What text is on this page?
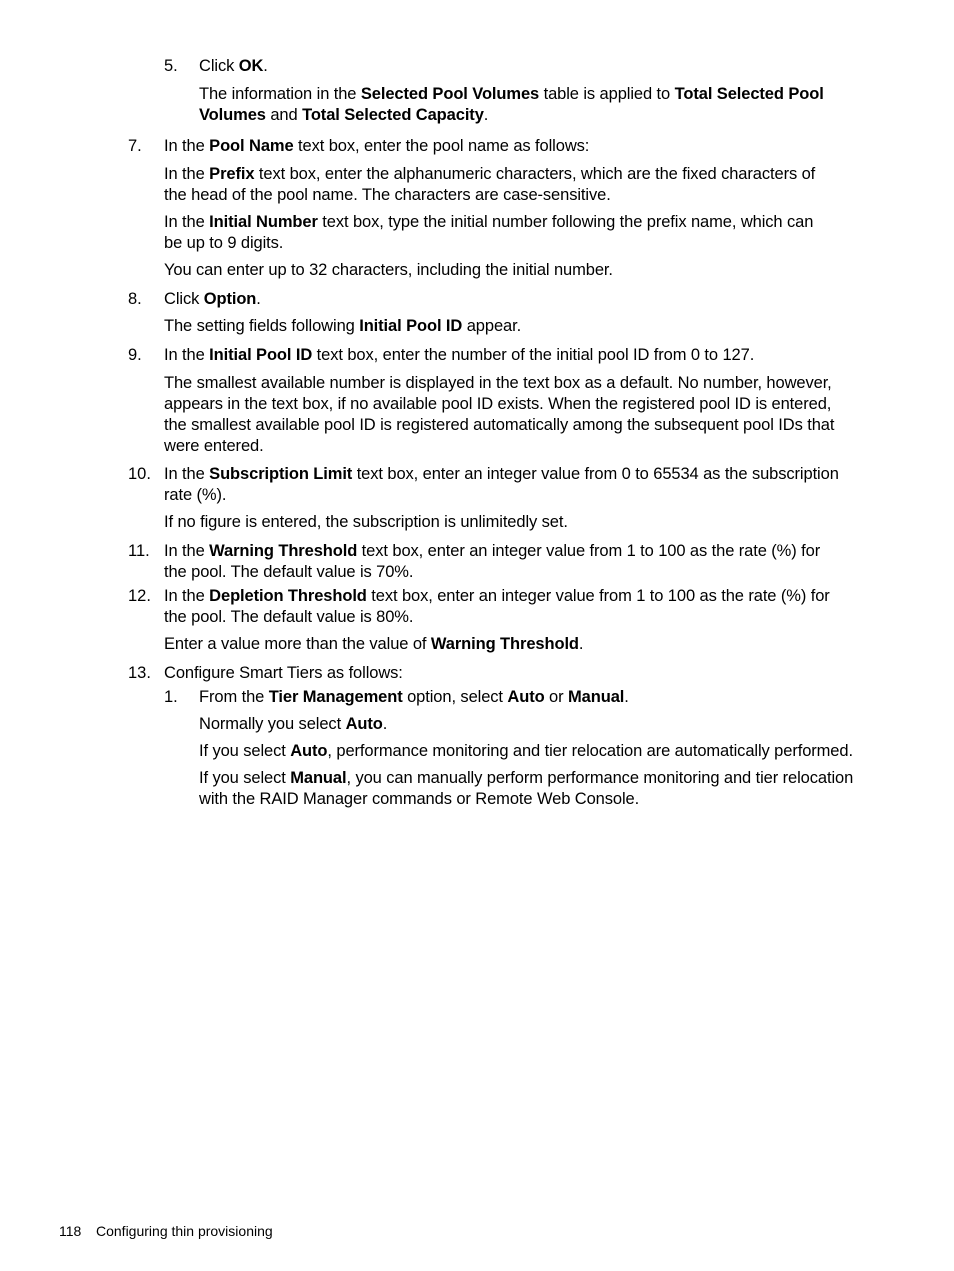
5. Click OK.
The information in the Selected Pool Volumes table is applied to Total Selected Pool
Volumes and Total Selected Capacity.
7. In the Pool Name text box, enter the pool name as follows:
In the Prefix text box, enter the alphanumeric characters, which are the fixed characters of
the head of the pool name. The characters are case-sensitive.
In the Initial Number text box, type the initial number following the prefix name, which can
be up to 9 digits.
You can enter up to 32 characters, including the initial number.
8. Click Option.
The setting fields following Initial Pool ID appear.
9. In the Initial Pool ID text box, enter the number of the initial pool ID from 0 to 127.
The smallest available number is displayed in the text box as a default. No number, however,
appears in the text box, if no available pool ID exists. When the registered pool ID is entered,
the smallest available pool ID is registered automatically among the subsequent pool IDs that
were entered.
10. In the Subscription Limit text box, enter an integer value from 0 to 65534 as the subscription
rate (%).
If no figure is entered, the subscription is unlimitedly set.
11. In the Warning Threshold text box, enter an integer value from 1 to 100 as the rate (%) for
the pool. The default value is 70%.
12. In the Depletion Threshold text box, enter an integer value from 1 to 100 as the rate (%) for
the pool. The default value is 80%.
Enter a value more than the value of Warning Threshold.
13. Configure Smart Tiers as follows:
1. From the Tier Management option, select Auto or Manual.
Normally you select Auto.
If you select Auto, performance monitoring and tier relocation are automatically performed.
If you select Manual, you can manually perform performance monitoring and tier relocation
with the RAID Manager commands or Remote Web Console.
118 Configuring thin provisioning
